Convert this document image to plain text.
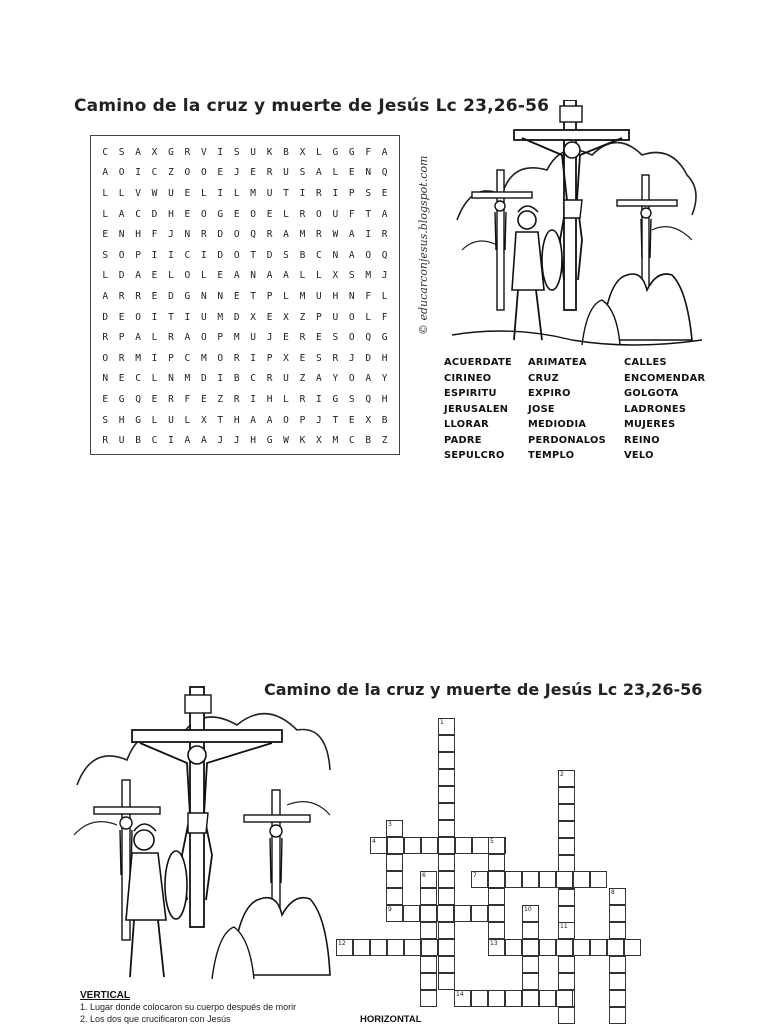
Camino de la cruz y muerte de Jesús Lc 23,26-56
C	S	A	X	G	R	V	I	S	U	K	B	X	L	G	G	F	A
A	O	I	C	Z	O	O	E	J	E	R	U	S	A	L	E	N	Q
L	L	V	W	U	E	L	I	L	M	U	T	I	R	I	P	S	E
L	A	C	D	H	E	O	G	E	O	E	L	R	O	U	F	T	A
E	N	H	F	J	N	R	D	O	Q	R	A	M	R	W	A	I	R
S	O	P	I	I	C	I	D	O	T	D	S	B	C	N	A	O	Q
L	D	A	E	L	O	L	E	A	N	A	A	L	L	X	S	M	J
A	R	R	E	D	G	N	N	E	T	P	L	M	U	H	N	F	L
D	E	O	I	T	I	U	M	D	X	E	X	Z	P	U	O	L	F
R	P	A	L	R	A	O	P	M	U	J	E	R	E	S	O	Q	G
O	R	M	I	P	C	M	O	R	I	P	X	E	S	R	J	D	H
N	E	C	L	N	M	D	I	B	C	R	U	Z	A	Y	O	A	Y
E	G	Q	E	R	F	E	Z	R	I	H	L	R	I	G	S	Q	H
S	H	G	L	U	L	X	T	H	A	A	O	P	J	T	E	X	B
R	U	B	C	I	A	A	J	J	H	G	W	K	X	M	C	B	Z
© educarconjesus.blogspot.com
ACUERDATE	ARIMATEA	CALLES
CIRINEO	CRUZ	ENCOMENDAR
ESPIRITU	EXPIRO	GOLGOTA
JERUSALEN	JOSE	LADRONES
LLORAR	MEDIODIA	MUJERES
PADRE	PERDONALOS	REINO
SEPULCRO	TEMPLO	VELO
Camino de la cruz y muerte de Jesús Lc 23,26-56
1
2
3
4	5
6	7
8
9	10
11
12	13
14
VERTICAL
1. Lugar donde colocaron su cuerpo después de morir
2. Los dos que crucificaron con Jesús	HORIZONTAL
